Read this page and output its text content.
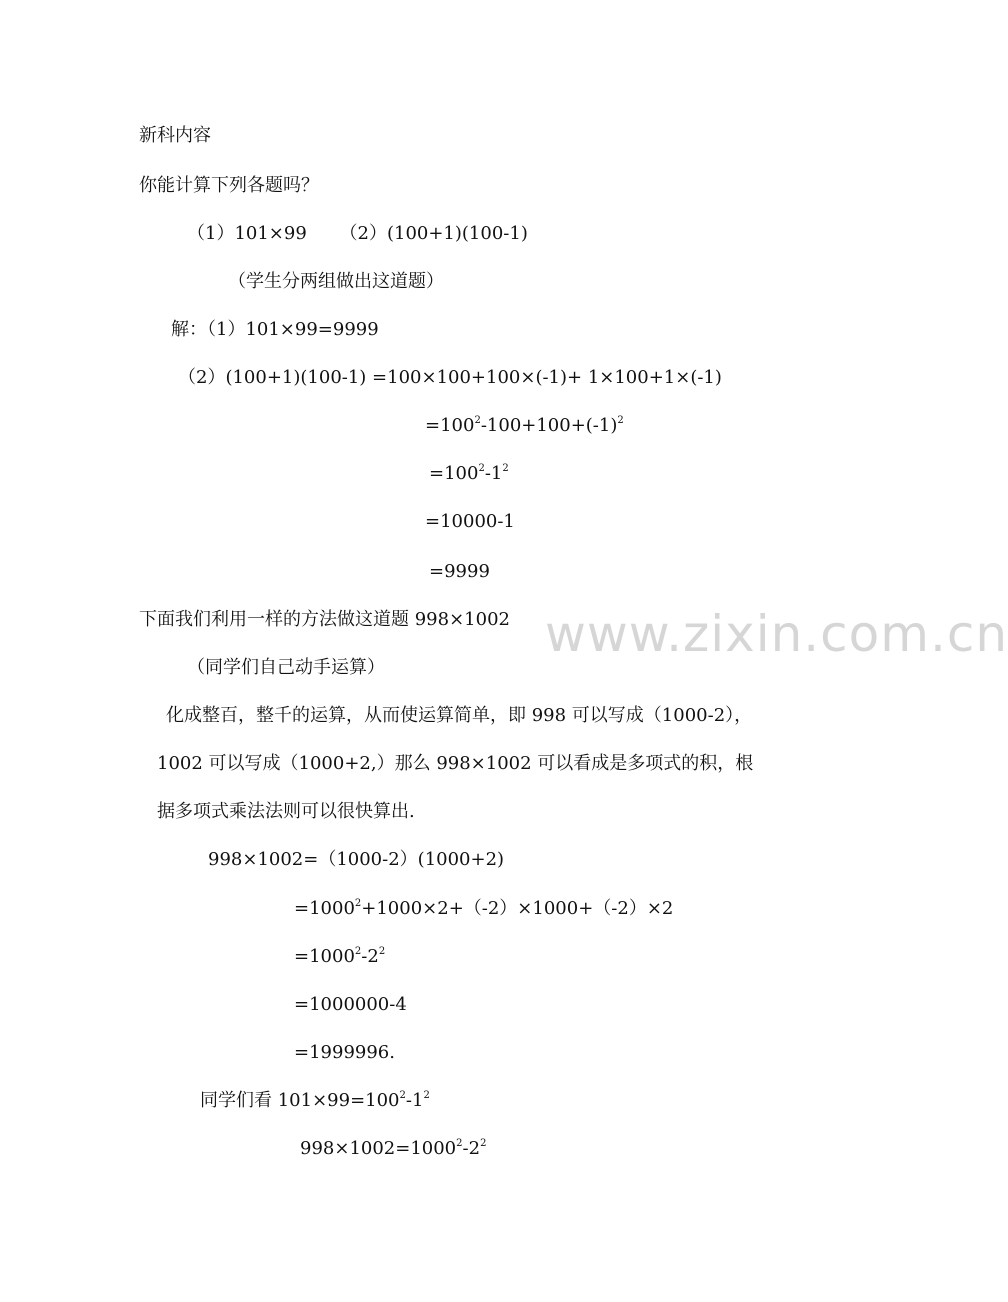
www.zixin.com.cn
新科内容
你能计算下列各题吗？
（1）101×99　 　（2）(100+1)(100-1)
（学生分两组做出这道题）
解：（1）101×99=9999
（2）(100+1)(100-1) =100×100+100×(-1)+ 1×100+1×(-1)
$=100^2-100+100+(-1)^2$
$=100^2-1^2$
=10000-1
=9999
下面我们利用一样的方法做这道题 998×1002
（同学们自己动手运算）
化成整百，整千的运算，从而使运算简单，即 998 可以写成（1000-2），
1002 可以写成（1000+2,）那么 998×1002 可以看成是多项式的积，根
据多项式乘法法则可以很快算出.
998×1002=（1000-2）(1000+2)
$=1000^2+1000\times 2+(-2)\times 1000+(-2)\times 2$
$=1000^2-2^2$
=1000000-4
=1999996.
同学们看 $101\times 99=100^2-1^2$
$998\times 1002=1000^2-2^2$
